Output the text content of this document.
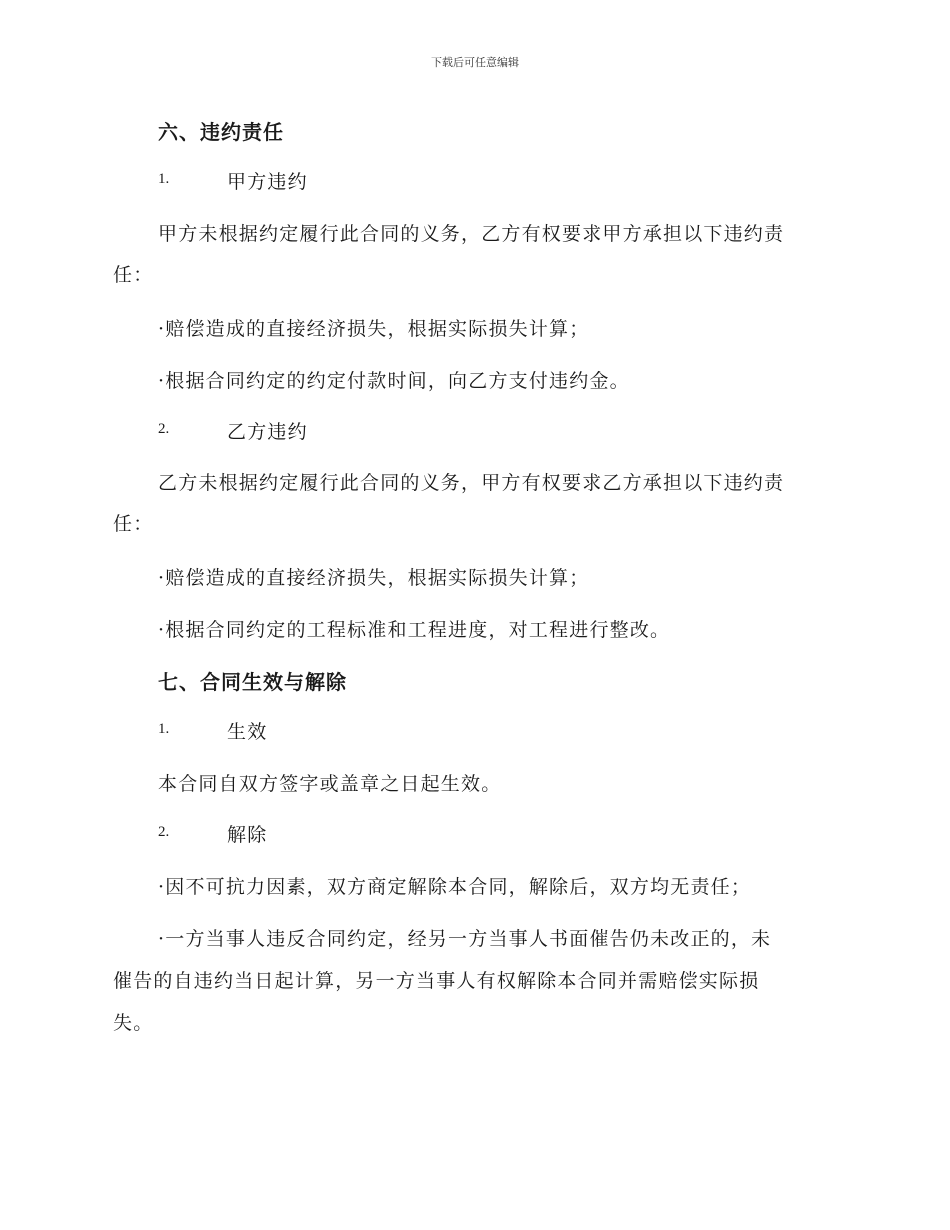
下载后可任意编辑
六、违约责任
1.	甲方违约
甲方未根据约定履行此合同的义务，乙方有权要求甲方承担以下违约责
任：
·赔偿造成的直接经济损失，根据实际损失计算；
·根据合同约定的约定付款时间，向乙方支付违约金。
2.	乙方违约
乙方未根据约定履行此合同的义务，甲方有权要求乙方承担以下违约责
任：
·赔偿造成的直接经济损失，根据实际损失计算；
·根据合同约定的工程标准和工程进度，对工程进行整改。
七、合同生效与解除
1.	生效
本合同自双方签字或盖章之日起生效。
2.	解除
·因不可抗力因素，双方商定解除本合同，解除后，双方均无责任；
·一方当事人违反合同约定，经另一方当事人书面催告仍未改正的，未
催告的自违约当日起计算，另一方当事人有权解除本合同并需赔偿实际损
失。
